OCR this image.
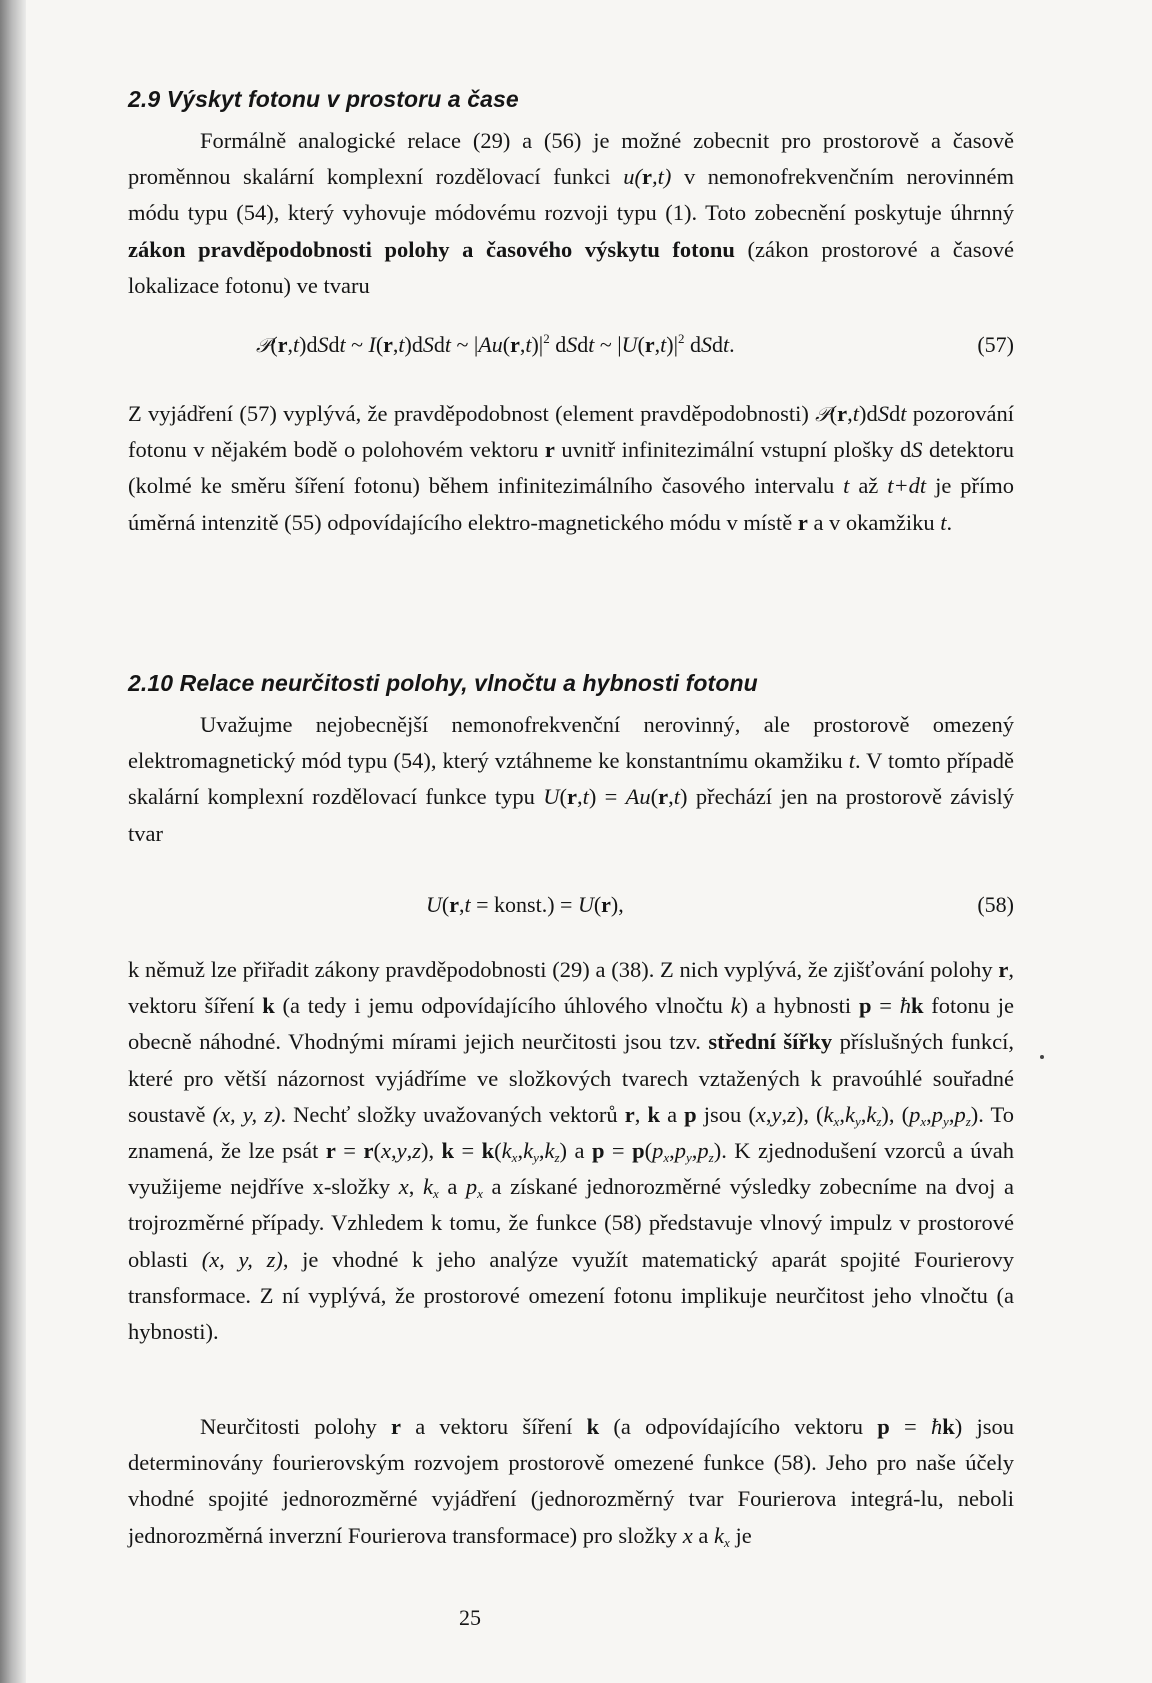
2.9 Výskyt fotonu v prostoru a čase

Formálně analogické relace (29) a (56) je možné zobecnit pro prostorově a časově proměnnou skalární komplexní rozdělovací funkci u(r,t) v nemonofrekvenčním nerovinném módu typu (54), který vyhovuje módovému rozvoji typu (1). Toto zobecnění poskytuje úhrnný zákon pravděpodobnosti polohy a časového výskytu fotonu (zákon prostorové a časové lokalizace fotonu) ve tvaru

𝒫(r,t)dSdt ~ I(r,t)dSdt ~ $|Au(r,t)|^2$ dSdt ~ $|U(r,t)|^2$ dSdt.	(57)

Z vyjádření (57) vyplývá, že pravděpodobnost (element pravděpodobnosti) 𝒫(r,t)dSdt pozorování fotonu v nějakém bodě o polohovém vektoru r uvnitř infinitezimální vstupní plošky dS detektoru (kolmé ke směru šíření fotonu) během infinitezimálního časového intervalu t až t+dt je přímo úměrná intenzitě (55) odpovídajícího elektro-magnetického módu v místě r a v okamžiku t.

2.10 Relace neurčitosti polohy, vlnočtu a hybnosti fotonu

Uvažujme nejobecnější nemonofrekvenční nerovinný, ale prostorově omezený elektromagnetický mód typu (54), který vztáhneme ke konstantnímu okamžiku t. V tomto případě skalární komplexní rozdělovací funkce typu U(r,t) = Au(r,t) přechází jen na prostorově závislý tvar

U(r,t = konst.) = U(r),	(58)

k němuž lze přiřadit zákony pravděpodobnosti (29) a (38). Z nich vyplývá, že zjišťování polohy r, vektoru šíření k (a tedy i jemu odpovídajícího úhlového vlnočtu k) a hybnosti p = ħk fotonu je obecně náhodné. Vhodnými mírami jejich neurčitosti jsou tzv. střední šířky příslušných funkcí, které pro větší názornost vyjádříme ve složkových tvarech vztažených k pravoúhlé souřadné soustavě (x, y, z). Nechť složky uvažovaných vektorů r, k a p jsou (x,y,z), $(k_x,k_y,k_z)$, $(p_x,p_y,p_z)$. To znamená, že lze psát r = r(x,y,z), $k = k(k_x,k_y,k_z)$ a $p = p(p_x,p_y,p_z)$. K zjednodušení vzorců a úvah využijeme nejdříve x-složky x, $k_x$ a $p_x$ a získané jednorozměrné výsledky zobecníme na dvoj a trojrozměrné případy. Vzhledem k tomu, že funkce (58) představuje vlnový impulz v prostorové oblasti (x, y, z), je vhodné k jeho analýze využít matematický aparát spojité Fourierovy transformace. Z ní vyplývá, že prostorové omezení fotonu implikuje neurčitost jeho vlnočtu (a hybnosti).

Neurčitosti polohy r a vektoru šíření k (a odpovídajícího vektoru p = ħk) jsou determinovány fourierovským rozvojem prostorově omezené funkce (58). Jeho pro naše účely vhodné spojité jednorozměrné vyjádření (jednorozměrný tvar Fourierova integrá-lu, neboli jednorozměrná inverzní Fourierova transformace) pro složky x a $k_x$ je

25
